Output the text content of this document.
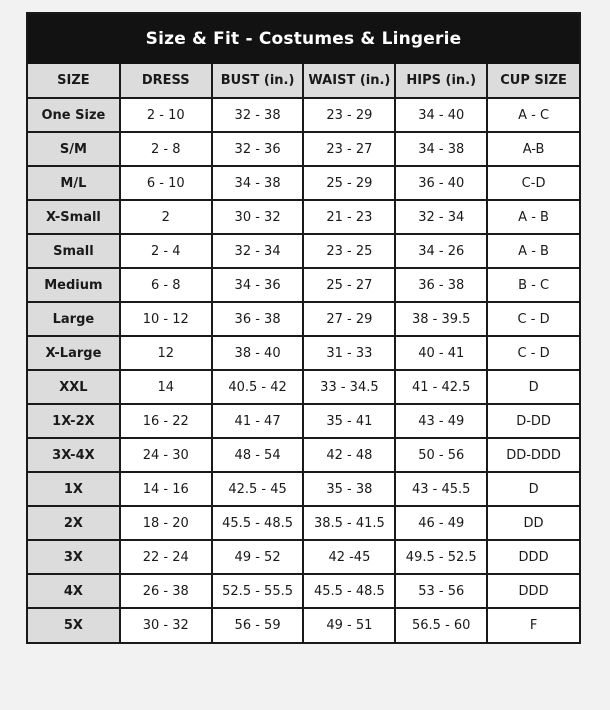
Size & Fit - Costumes & Lingerie
SIZE	DRESS	BUST (in.)	WAIST (in.)	HIPS (in.)	CUP SIZE
One Size	2 - 10	32 - 38	23 - 29	34 - 40	A - C
S/M	2 - 8	32 - 36	23 - 27	34 - 38	A-B
M/L	6 - 10	34 - 38	25 - 29	36 - 40	C-D
X-Small	2	30 - 32	21 - 23	32 - 34	A - B
Small	2 - 4	32 - 34	23 - 25	34 - 26	A - B
Medium	6 - 8	34 - 36	25 - 27	36 - 38	B - C
Large	10 - 12	36 - 38	27 - 29	38 - 39.5	C - D
X-Large	12	38 - 40	31 - 33	40 - 41	C - D
XXL	14	40.5 - 42	33 - 34.5	41 - 42.5	D
1X-2X	16 - 22	41 - 47	35 - 41	43 - 49	D-DD
3X-4X	24 - 30	48 - 54	42 - 48	50 - 56	DD-DDD
1X	14 - 16	42.5 - 45	35 - 38	43 - 45.5	D
2X	18 - 20	45.5 - 48.5	38.5 - 41.5	46 - 49	DD
3X	22 - 24	49 - 52	42 -45	49.5 - 52.5	DDD
4X	26 - 38	52.5 - 55.5	45.5 - 48.5	53 - 56	DDD
5X	30 - 32	56 - 59	49 - 51	56.5 - 60	F
